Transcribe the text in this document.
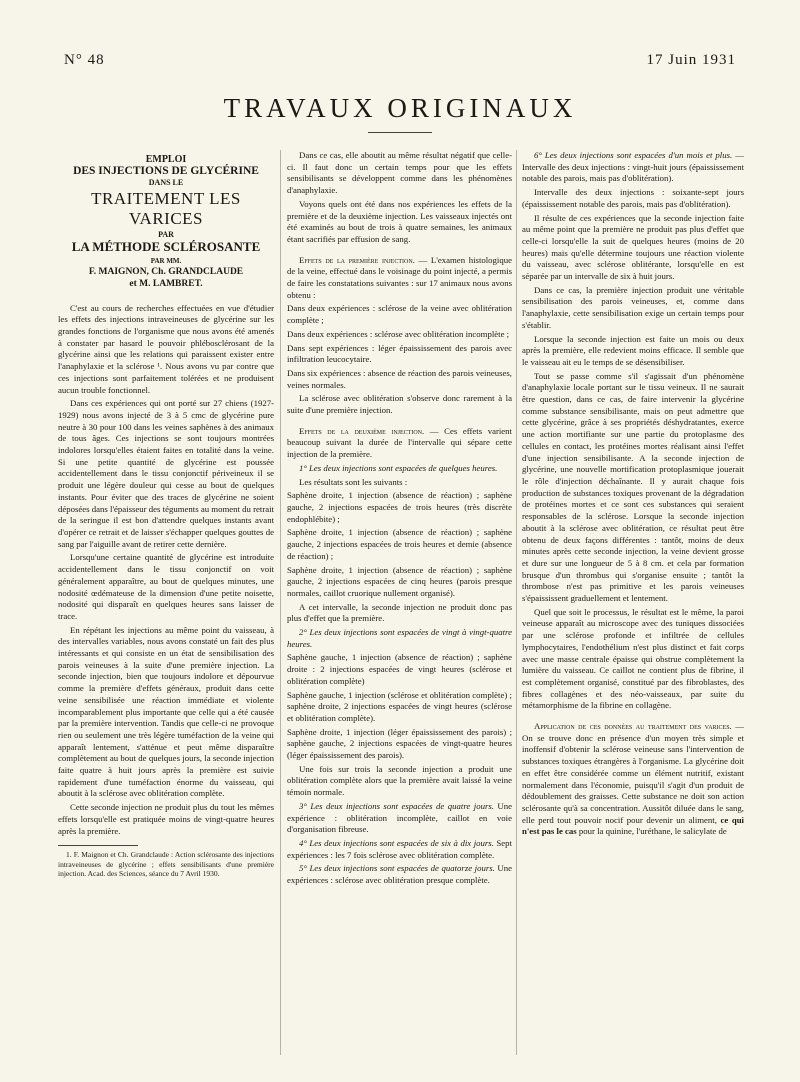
N° 48	17 Juin 1931
TRAVAUX ORIGINAUX
EMPLOI
DES INJECTIONS DE GLYCÉRINE
DANS LE
TRAITEMENT LES VARICES
PAR
LA MÉTHODE SCLÉROSANTE
PAR MM.
F. MAIGNON, Ch. GRANDCLAUDE
et M. LAMBRET.

C'est au cours de recherches effectuées en vue d'étudier les effets des injections intraveineuses de glycérine sur les grandes fonctions de l'organisme que nous avons été amenés à constater par hasard le pouvoir phlébosclérosant de la glycérine ainsi que les relations qui paraissent exister entre l'anaphylaxie et la sclérose ¹. Nous avons vu par contre que ces injections sont parfaitement tolérées et ne produisent aucun trouble fonctionnel.

Dans ces expériences qui ont porté sur 27 chiens (1927-1929) nous avons injecté de 3 à 5 cmc de glycérine pure neutre à 30 pour 100 dans les veines saphènes à des animaux de tous âges. Ces injections se sont toujours montrées indolores lorsqu'elles étaient faites en totalité dans la veine. Si une petite quantité de glycérine est poussée accidentellement dans le tissu conjonctif périveineux il se produit une légère douleur qui cesse au bout de quelques instants. Pour éviter que des traces de glycérine ne soient déposées dans l'épaisseur des téguments au moment du retrait de la seringue il est bon d'attendre quelques instants avant d'opérer ce retrait et de laisser s'échapper quelques gouttes de sang par l'aiguille avant de retirer cette dernière.

Lorsqu'une certaine quantité de glycérine est introduite accidentellement dans le tissu conjonctif on voit généralement apparaître, au bout de quelques minutes, une nodosité œdémateuse de la dimension d'une petite noisette, nodosité qui disparaît en quelques heures sans laisser de trace.

En répétant les injections au même point du vaisseau, à des intervalles variables, nous avons constaté un fait des plus intéressants et qui consiste en un état de sensibilisation des parois veineuses à la suite d'une première injection. La seconde injection, bien que toujours indolore et dépourvue comme la première d'effets généraux, produit dans cette veine sensibilisée une réaction immédiate et violente incomparablement plus importante que celle qui a été causée par la première intervention. Tandis que celle-ci ne provoque rien ou seulement une très légère tuméfaction de la veine qui apparaît lentement, s'atténue et peut même disparaître complètement au bout de quelques jours, la seconde injection faite quatre à huit jours après la première est suivie rapidement d'une tuméfaction énorme du vaisseau, qui aboutit à la sclérose avec oblitération complète.

Cette seconde injection ne produit plus du tout les mêmes effets lorsqu'elle est pratiquée moins de vingt-quatre heures après la première.

1. F. Maignon et Ch. Grandclaude : Action sclérosante des injections intraveineuses de glycérine ; effets sensibilisants d'une première injection. Acad. des Sciences, séance du 7 Avril 1930.

Dans ce cas, elle aboutit au même résultat négatif que celle-ci. Il faut donc un certain temps pour que les effets sensibilisants se développent comme dans les phénomènes d'anaphylaxie.

Voyons quels ont été dans nos expériences les effets de la première et de la deuxième injection. Les vaisseaux injectés ont été examinés au bout de trois à quatre semaines, les animaux étant sacrifiés par effusion de sang.

Effets de la première injection. — L'examen histologique de la veine, effectué dans le voisinage du point injecté, a permis de faire les constatations suivantes : sur 17 animaux nous avons obtenu :

Dans deux expériences : sclérose de la veine avec oblitération complète ;

Dans deux expériences : sclérose avec oblitération incomplète ;

Dans sept expériences : léger épaississement des parois avec infiltration leucocytaire.

Dans six expériences : absence de réaction des parois veineuses, veines normales.

La sclérose avec oblitération s'observe donc rarement à la suite d'une première injection.

Effets de la deuxième injection. — Ces effets varient beaucoup suivant la durée de l'intervalle qui sépare cette injection de la première.

1° Les deux injections sont espacées de quelques heures.

Les résultats sont les suivants :

Saphène droite, 1 injection (absence de réaction) ; saphène gauche, 2 injections espacées de trois heures (très discrète endophlébite) ;

Saphène droite, 1 injection (absence de réaction) ; saphène gauche, 2 injections espacées de trois heures et demie (absence de réaction) ;

Saphène droite, 1 injection (absence de réaction) ; saphène gauche, 2 injections espacées de cinq heures (parois presque normales, caillot cruorique nullement organisé).

A cet intervalle, la seconde injection ne produit donc pas plus d'effet que la première.

2° Les deux injections sont espacées de vingt à vingt-quatre heures.

Saphène gauche, 1 injection (absence de réaction) ; saphène droite : 2 injections espacées de vingt heures (sclérose et oblitération complète)

Saphène gauche, 1 injection (sclérose et oblitération complète) ; saphène droite, 2 injections espacées de vingt heures (sclérose et oblitération complète).

Saphène droite, 1 injection (léger épaississement des parois) ; saphène gauche, 2 injections espacées de vingt-quatre heures (léger épaississement des parois).

Une fois sur trois la seconde injection a produit une oblitération complète alors que la première avait laissé la veine témoin normale.

3° Les deux injections sont espacées de quatre jours. Une expérience : oblitération incomplète, caillot en voie d'organisation fibreuse.

4° Les deux injections sont espacées de six à dix jours. Sept expériences : les 7 fois sclérose avec oblitération complète.

5° Les deux injections sont espacées de quatorze jours. Une expériences : sclérose avec oblitération presque complète.

6° Les deux injections sont espacées d'un mois et plus. — Intervalle des deux injections : vingt-huit jours (épaississement notable des parois, mais pas d'oblitération).

Intervalle des deux injections : soixante-sept jours (épaississement notable des parois, mais pas d'oblitération).

Il résulte de ces expériences que la seconde injection faite au même point que la première ne produit pas plus d'effet que celle-ci lorsqu'elle la suit de quelques heures (moins de 20 heures) mais qu'elle détermine toujours une réaction violente du vaisseau, avec sclérose oblitérante, lorsqu'elle en est séparée par un intervalle de six à huit jours.

Dans ce cas, la première injection produit une véritable sensibilisation des parois veineuses, et, comme dans l'anaphylaxie, cette sensibilisation exige un certain temps pour s'établir.

Lorsque la seconde injection est faite un mois ou deux après la première, elle redevient moins efficace. Il semble que le vaisseau ait eu le temps de se désensibiliser.

Tout se passe comme s'il s'agissait d'un phénomène d'anaphylaxie locale portant sur le tissu veineux. Il ne saurait être question, dans ce cas, de faire intervenir la glycérine comme substance sensibilisante, mais on peut admettre que cette glycérine, grâce à ses propriétés déshydratantes, exerce une action mortifiante sur une partie du protoplasme des cellules en contact, les protéines mortes réalisant ainsi l'effet d'une injection sensibilisante. A la seconde injection de glycérine, une nouvelle mortification protoplasmique jouerait le rôle d'injection déchaînante. Il y aurait chaque fois production de substances toxiques provenant de la dégradation de protéines mortes et ce sont ces substances qui seraient responsables de la sclérose. Lorsque la seconde injection aboutit à la sclérose avec oblitération, ce résultat peut être obtenu de deux façons différentes : tantôt, moins de deux minutes après cette seconde injection, la veine devient grosse et dure sur une longueur de 5 à 8 cm. et cela par formation brusque d'un thrombus qui s'organise ensuite ; tantôt la thrombose n'est pas primitive et les parois veineuses s'épaississent graduellement et lentement.

Quel que soit le processus, le résultat est le même, la paroi veineuse apparaît au microscope avec des tuniques dissociées par une sclérose profonde et infiltrée de cellules lymphocytaires, l'endothélium n'est plus distinct et fait corps avec une masse centrale épaisse qui obstrue complètement la lumière du vaisseau. Ce caillot ne contient plus de fibrine, il est complètement organisé, constitué par des fibroblastes, des fibres collagènes et des néo-vaisseaux, par suite du métamorphisme de la fibrine en collagène.

Application de ces données au traitement des varices. — On se trouve donc en présence d'un moyen très simple et inoffensif d'obtenir la sclérose veineuse sans l'intervention de substances toxiques étrangères à l'organisme. La glycérine doit en effet être considérée comme un élément nutritif, existant normalement dans l'économie, puisqu'il s'agit d'un produit de dédoublement des graisses. Cette substance ne doit son action sclérosante qu'à sa concentration. Aussitôt diluée dans le sang, elle perd tout pouvoir nocif pour devenir un aliment, ce qui n'est pas le cas pour la quinine, l'uréthane, le salicylate de
